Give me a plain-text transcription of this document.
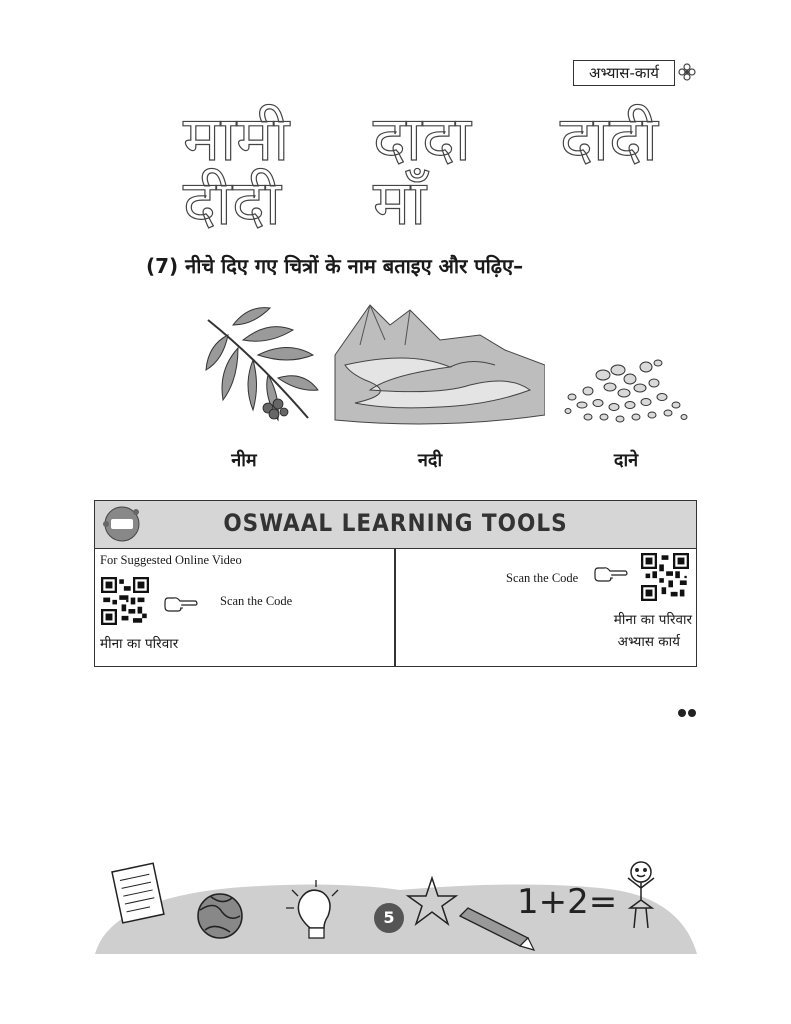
अभ्यास-कार्य
मामी दादा दादी
दीदी माँ
(7) नीचे दिए गए चित्रों के नाम बताइए और पढ़िए–
नीम	नदी	दाने
OSWAAL LEARNING TOOLS
For Suggested Online Video
Scan the Code
मीना का परिवार
Scan the Code
मीना का परिवार
अभ्यास कार्य
1+2=
5
